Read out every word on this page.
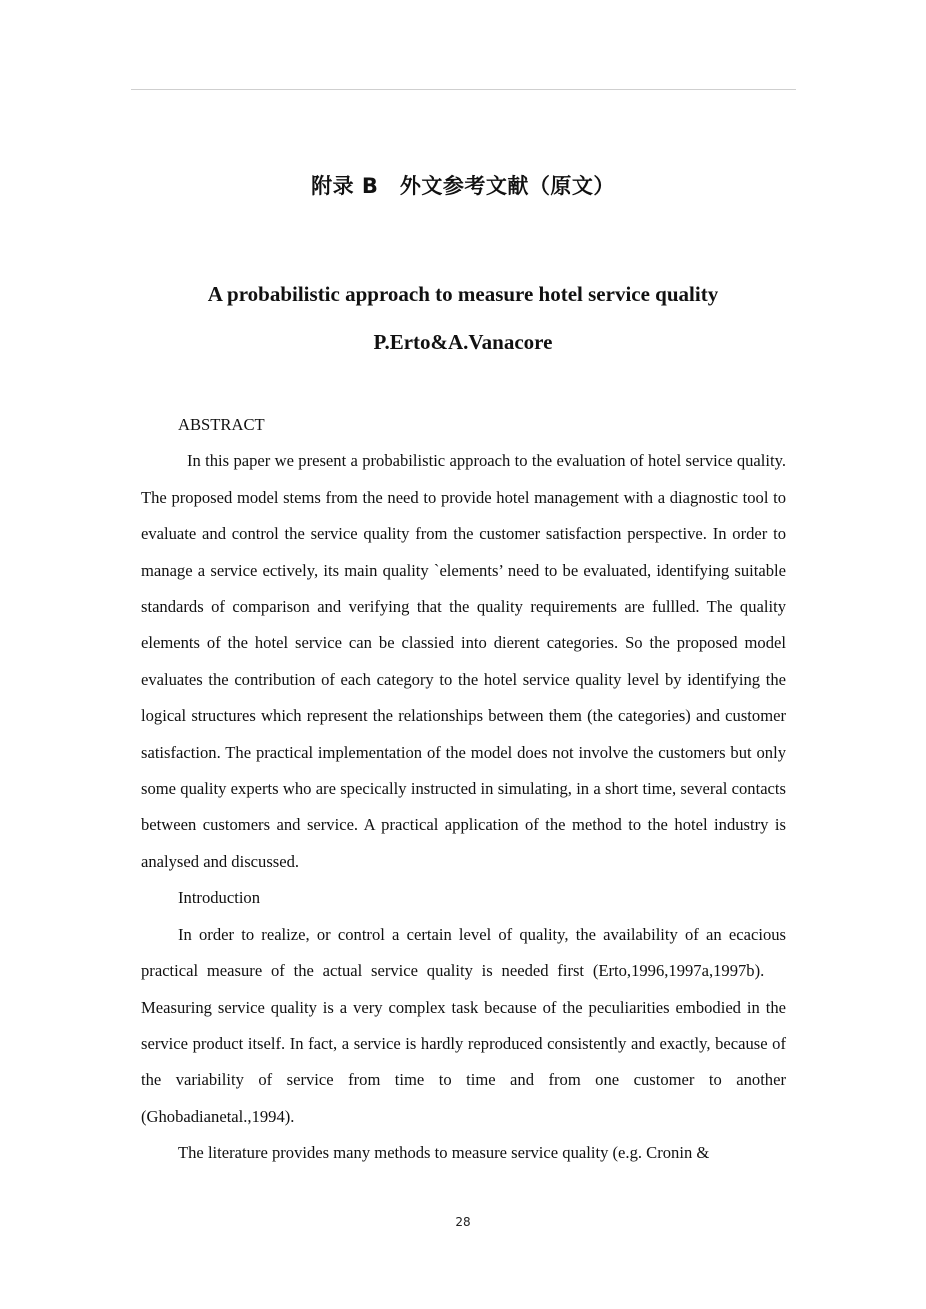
附录 B　外文参考文献（原文）
A probabilistic approach to measure hotel service quality
P.Erto&A.Vanacore

ABSTRACT

In this paper we present a probabilistic approach to the evaluation of hotel service quality. The proposed model stems from the need to provide hotel management with a diagnostic tool to evaluate and control the service quality from the customer satisfaction perspective. In order to manage a service ectively, its main quality `elements’ need to be evaluated, identifying suitable standards of comparison and verifying that the quality requirements are fullled. The quality elements of the hotel service can be classied into dierent categories. So the proposed model evaluates the contribution of each category to the hotel service quality level by identifying the logical structures which represent the relationships between them (the categories) and customer satisfaction. The practical implementation of the model does not involve the customers but only some quality experts who are specically instructed in simulating, in a short time, several contacts between customers and service. A practical application of the method to the hotel industry is analysed and discussed.

Introduction

In order to realize, or control a certain level of quality, the availability of an ecacious practical measure of the actual service quality is needed first (Erto,1996,1997a,1997b).    Measuring service quality is a very complex task because of the peculiarities embodied in the service product itself. In fact, a service is hardly reproduced consistently and exactly, because of the variability of service from time to time and from one customer to another (Ghobadianetal.,1994).

The literature provides many methods to measure service quality (e.g. Cronin &

28
